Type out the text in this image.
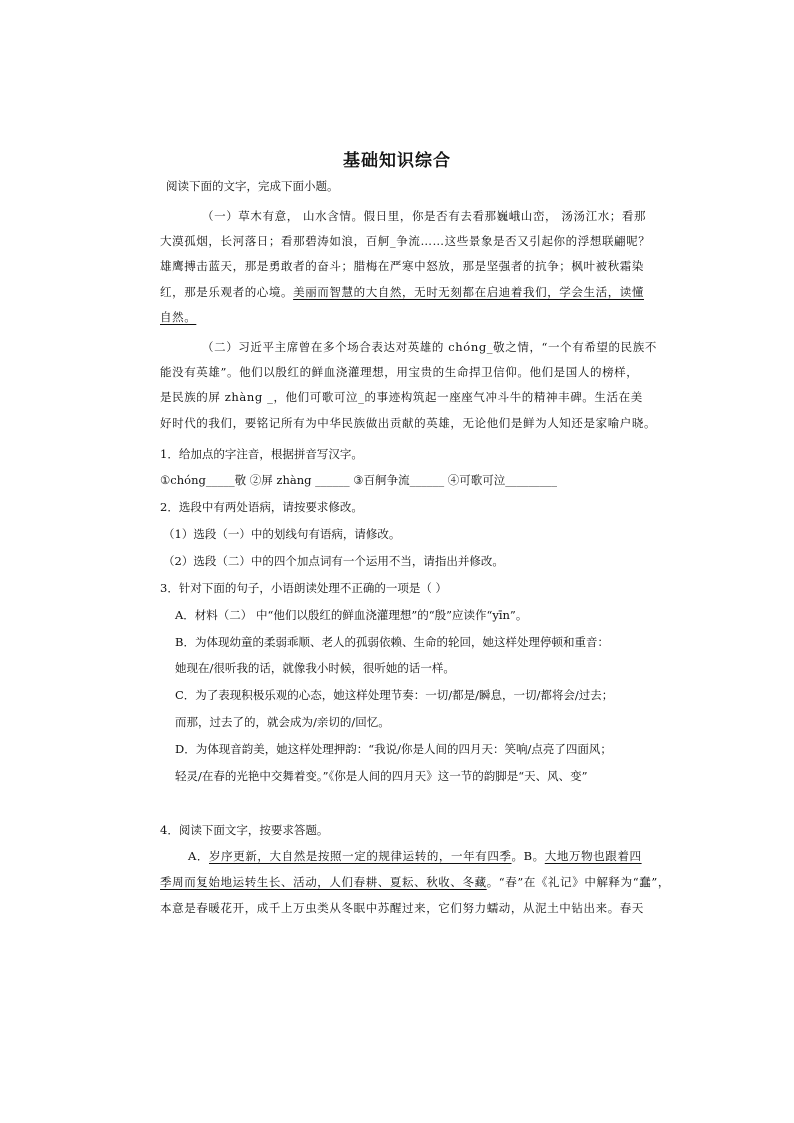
基础知识综合
阅读下面的文字，完成下面小题。
（一）草木有意， 山水含情。假日里，你是否有去看那巍峨山峦， 汤汤江水；看那
大漠孤烟，长河落日；看那碧涛如浪，百舸_争流……这些景象是否又引起你的浮想联翩呢？
雄鹰搏击蓝天，那是勇敢者的奋斗；腊梅在严寒中怒放，那是坚强者的抗争；枫叶被秋霜染
红，那是乐观者的心境。美丽而智慧的大自然，无时无刻都在启迪着我们，学会生活，读懂
自然。
（二）习近平主席曾在多个场合表达对英雄的 chóng_敬之情，“一个有希望的民族不
能没有英雄”。他们以殷红的鲜血浇灌理想，用宝贵的生命捍卫信仰。他们是国人的榜样，
是民族的屏 zhàng _，他们可歌可泣_的事迹构筑起一座座气冲斗牛的精神丰碑。生活在美
好时代的我们，要铭记所有为中华民族做出贡献的英雄，无论他们是鲜为人知还是家喻户晓。
1．给加点的字注音，根据拼音写汉字。
①chóng_____敬 ②屏 zhàng ______ ③百舸争流______ ④可歌可泣_________
2．选段中有两处语病，请按要求修改。
（1）选段（一）中的划线句有语病，请修改。
（2）选段（二）中的四个加点词有一个运用不当，请指出并修改。
3．针对下面的句子，小语朗读处理不正确的一项是（ ）
A．材料（二） 中“他们以殷红的鲜血浇灌理想”的“殷”应读作“yīn”。
B．为体现幼童的柔弱乖顺、老人的孤弱依赖、生命的轮回，她这样处理停顿和重音：
她现在/很听我的话，就像我小时候，很听她的话一样。
C．为了表现积极乐观的心态，她这样处理节奏：一切/都是/瞬息，一切/都将会/过去；
而那，过去了的，就会成为/亲切的/回忆。
D．为体现音韵美，她这样处理押韵：“我说/你是人间的四月天：笑响/点亮了四面风；
轻灵/在春的光艳中交舞着变。”《你是人间的四月天》这一节的韵脚是“天、风、变”
4．阅读下面文字，按要求答题。
A．岁序更新，大自然是按照一定的规律运转的，一年有四季。B。大地万物也跟着四
季周而复始地运转生长、活动，人们春耕、夏耘、秋收、冬藏。“春”在《礼记》中解释为“蠢”，
本意是春暖花开，成千上万虫类从冬眠中苏醒过来，它们努力蠕动，从泥土中钻出来。春天
